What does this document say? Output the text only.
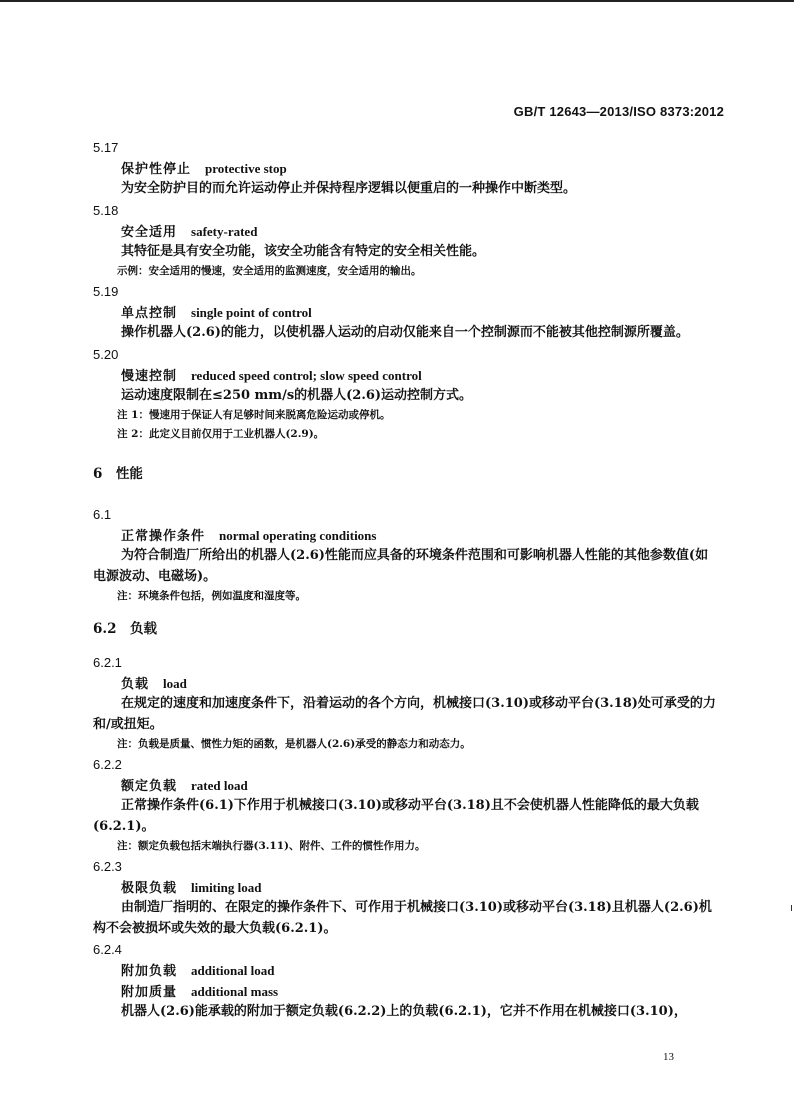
GB/T 12643—2013/ISO 8373:2012
5.17
保护性停止 protective stop
为安全防护目的而允许运动停止并保持程序逻辑以便重启的一种操作中断类型。
5.18
安全适用 safety-rated
其特征是具有安全功能，该安全功能含有特定的安全相关性能。
示例：安全适用的慢速，安全适用的监测速度，安全适用的输出。
5.19
单点控制 single point of control
操作机器人(2.6)的能力，以使机器人运动的启动仅能来自一个控制源而不能被其他控制源所覆盖。
5.20
慢速控制 reduced speed control; slow speed control
运动速度限制在≤250 mm/s的机器人(2.6)运动控制方式。
注 1：慢速用于保证人有足够时间来脱离危险运动或停机。
注 2：此定义目前仅用于工业机器人(2.9)。
6　性能
6.1
正常操作条件 normal operating conditions
为符合制造厂所给出的机器人(2.6)性能而应具备的环境条件范围和可影响机器人性能的其他参数值(如电源波动、电磁场)。
注：环境条件包括，例如温度和湿度等。
6.2　负载
6.2.1
负载 load
在规定的速度和加速度条件下，沿着运动的各个方向，机械接口(3.10)或移动平台(3.18)处可承受的力和/或扭矩。
注：负载是质量、惯性力矩的函数，是机器人(2.6)承受的静态力和动态力。
6.2.2
额定负载 rated load
正常操作条件(6.1)下作用于机械接口(3.10)或移动平台(3.18)且不会使机器人性能降低的最大负载(6.2.1)。
注：额定负载包括末端执行器(3.11)、附件、工件的惯性作用力。
6.2.3
极限负载 limiting load
由制造厂指明的、在限定的操作条件下、可作用于机械接口(3.10)或移动平台(3.18)且机器人(2.6)机构不会被损坏或失效的最大负载(6.2.1)。
6.2.4
附加负载 additional load
附加质量 additional mass
机器人(2.6)能承载的附加于额定负载(6.2.2)上的负载(6.2.1)，它并不作用在机械接口(3.10)，
13
